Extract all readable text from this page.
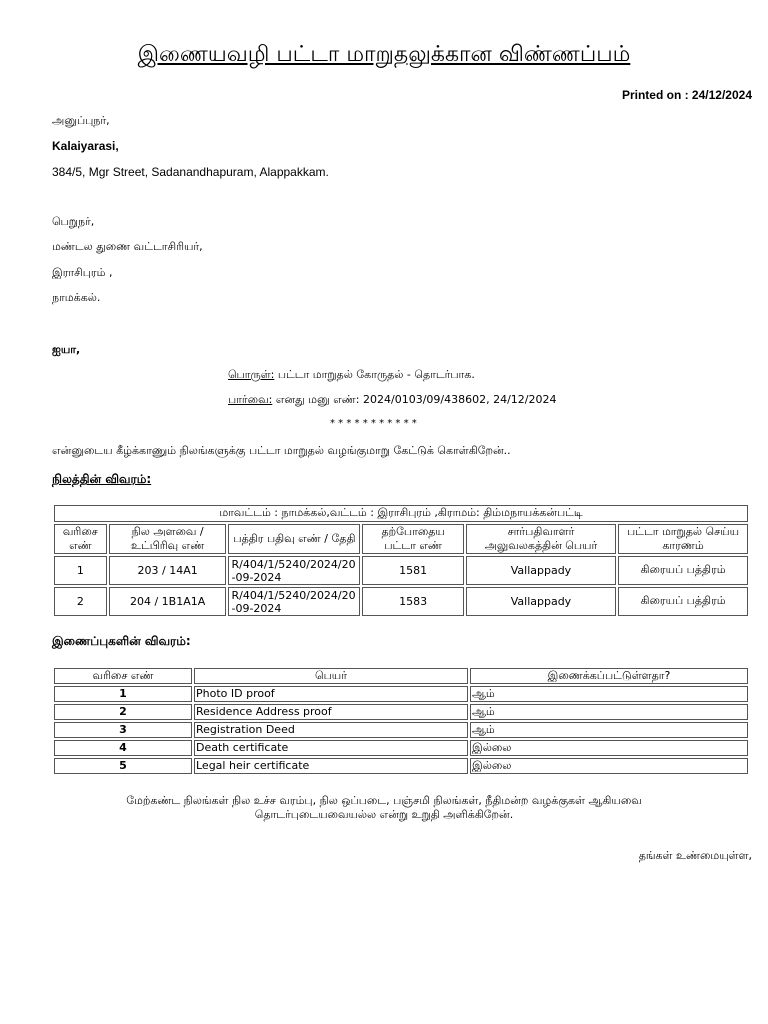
இணையவழி பட்டா மாறுதலுக்கான விண்ணப்பம்
Printed on : 24/12/2024
அனுப்புநர்,
Kalaiyarasi,
384/5, Mgr Street, Sadanandhapuram, Alappakkam.
பெறுநர்,
மண்டல துணை வட்டாசிரியர்,
இராசிபுரம் ,
நாமக்கல்.
ஐயா,
பொருள்: பட்டா மாறுதல் கோருதல் - தொடர்பாக.
பார்வை: எனது மனு எண்: 2024/0103/09/438602, 24/12/2024
* * * * * * * * * * *
என்னுடைய கீழ்க்காணும் நிலங்களுக்கு பட்டா மாறுதல் வழங்குமாறு கேட்டுக் கொள்கிறேன்..
நிலத்தின் விவரம்:
மாவட்டம் : நாமக்கல்,வட்டம் : இராசிபுரம் ,கிராமம்: திம்மநாயக்கன்பட்டி					
வரிசை எண்	நில அளவை /உட்பிரிவு எண்	பத்திர பதிவு எண் / தேதி	தற்போதைய பட்டா எண்	சார்பதிவாளர் அலுவலகத்தின் பெயர்	பட்டா மாறுதல் செய்ய காரணம்
1	203 / 14A1	R/404/1/5240/2024/20-09-2024	1581	Vallappady	கிரையப் பத்திரம்
2	204 / 1B1A1A	R/404/1/5240/2024/20-09-2024	1583	Vallappady	கிரையப் பத்திரம்
இணைப்புகளின் விவரம்:
வரிசை எண்	பெயர்	இணைக்கப்பட்டுள்ளதா?
1	Photo ID proof	ஆம்
2	Residence Address proof	ஆம்
3	Registration Deed	ஆம்
4	Death certificate	இல்லை
5	Legal heir certificate	இல்லை
மேற்கண்ட நிலங்கள் நில உச்ச வரம்பு, நில ஒப்படை, பஞ்சமி நிலங்கள், நீதிமன்ற வழக்குகள் ஆகியவை
தொடர்புடையவையல்ல என்று உறுதி அளிக்கிறேன்.
தங்கள் உண்மையுள்ள,
